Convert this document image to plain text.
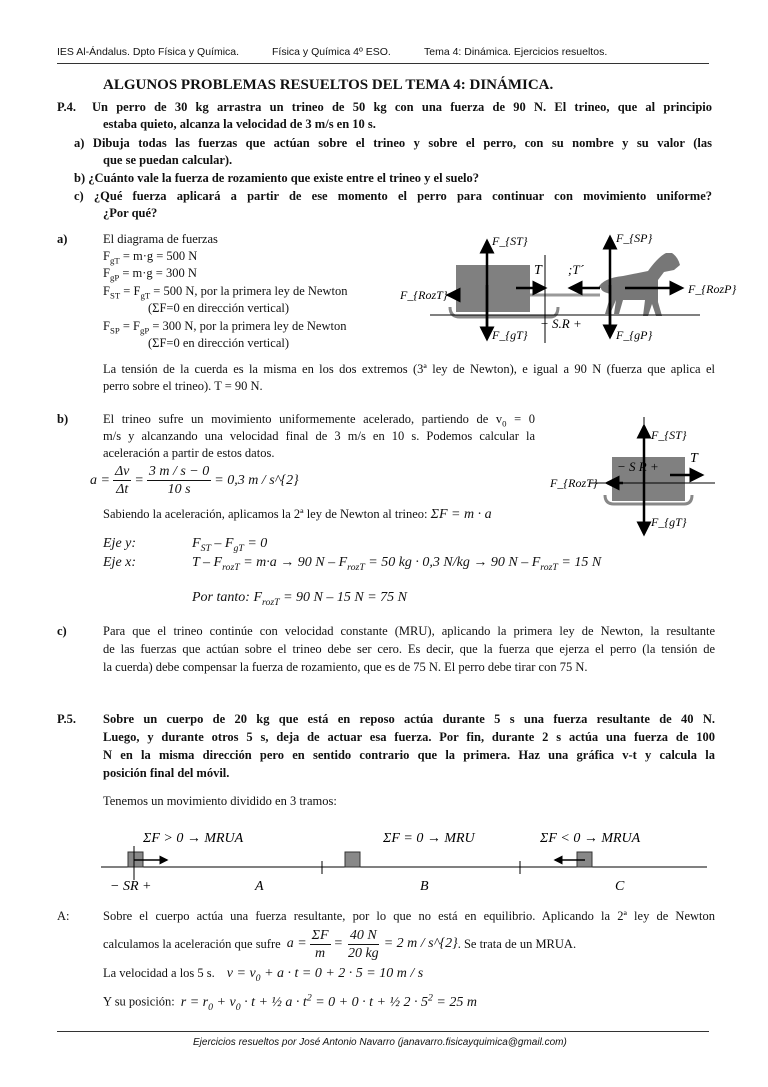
IES Al-Ándalus. Dpto Física y Química.	Física y Química 4º ESO.	Tema 4: Dinámica. Ejercicios resueltos.
ALGUNOS PROBLEMAS RESUELTOS DEL TEMA 4: DINÁMICA.
P.4. Un perro de 30 kg arrastra un trineo de 50 kg con una fuerza de 90 N. El trineo, que al principio
estaba quieto, alcanza la velocidad de 3 m/s en 10 s.
a) Dibuja todas las fuerzas que actúan sobre el trineo y sobre el perro, con su nombre y su valor (las
que se puedan calcular).
b) ¿Cuánto vale la fuerza de rozamiento que existe entre el trineo y el suelo?
c) ¿Qué fuerza aplicará a partir de ese momento el perro para continuar con movimiento uniforme?
¿Por qué?
a)	El diagrama de fuerzas
$F_{gT} = m\cdot g = 500$ N
$F_{gP} = m\cdot g = 300$ N
$F_{ST} = F_{gT} = 500$ N, por la primera ley de Newton
(ΣF=0 en dirección vertical)
$F_{SP} = F_{gP} = 300$ N, por la primera ley de Newton
(ΣF=0 en dirección vertical)
F_{ST}	F_{SP}
T ;T´
F_{RozT}	F_{RozP}
F_{gT}	F_{gP}
− S.R +
La tensión de la cuerda es la misma en los dos extremos (3ª ley de Newton), e igual a 90 N (fuerza que aplica el
perro sobre el trineo). T = 90 N.
b)	El trineo sufre un movimiento uniformemente acelerado, partiendo de $v_0 = 0$
m/s y alcanzando una velocidad final de 3 m/s en 10 s. Podemos calcular la
aceleración a partir de estos datos.
$a = \frac{\Delta v}{\Delta t} = \frac{3 m / s - 0}{10 s} = 0,3$ m / s^{2}
Sabiendo la aceleración, aplicamos la 2ª ley de Newton al trineo: ΣF = m · a
Eje y:	$F_{ST} - F_{gT} = 0$
Eje x:	$T - F_{rozT} = m\cdot a \to 90$ $N - F_{rozT} = 50$ kg · 0,3 N/kg → 90 $N - F_{rozT} = 15$ N
Por tanto: $F_{rozT} = 90$ N – 15 N = 75 N
F_{ST}
T
F_{RozT}
F_{gT}
− S R +
c)	Para que el trineo continúe con velocidad constante (MRU), aplicando la primera ley de Newton, la resultante
de las fuerzas que actúan sobre el trineo debe ser cero. Es decir, que la fuerza que ejerza el perro (la tensión de
la cuerda) debe compensar la fuerza de rozamiento, que es de 75 N. El perro debe tirar con 75 N.
P.5. Sobre un cuerpo de 20 kg que está en reposo actúa durante 5 s una fuerza resultante de 40 N.
Luego, y durante otros 5 s, deja de actuar esa fuerza. Por fin, durante 2 s actúa una fuerza de 100
N en la misma dirección pero en sentido contrario que la primera. Haz una gráfica v-t y calcula la
posición final del móvil.
Tenemos un movimiento dividido en 3 tramos:
ΣF > 0 → MRUA	ΣF = 0 → MRU	ΣF < 0 → MRUA
− SR +	A	B	C
A:	Sobre el cuerpo actúa una fuerza resultante, por lo que no está en equilibrio. Aplicando la 2ª ley de Newton
calculamos la aceleración que sufre $a = \frac{\Sigma F}{m} = \frac{40 N}{20 kg} = 2$ m / s^{2} . Se trata de un MRUA.
La velocidad a los 5 s. $v = v_0 + a \cdot t = 0 + 2 \cdot 5 = 10$ m / s
Y su posición: $r = r_0 + v_0 \cdot t$ + ½ $a \cdot t^2 = 0 + 0 \cdot t$ + ½ $2 \cdot 5^2 = 25$ m
Ejercicios resueltos por José Antonio Navarro (janavarro.fisicayquimica@gmail.com)
